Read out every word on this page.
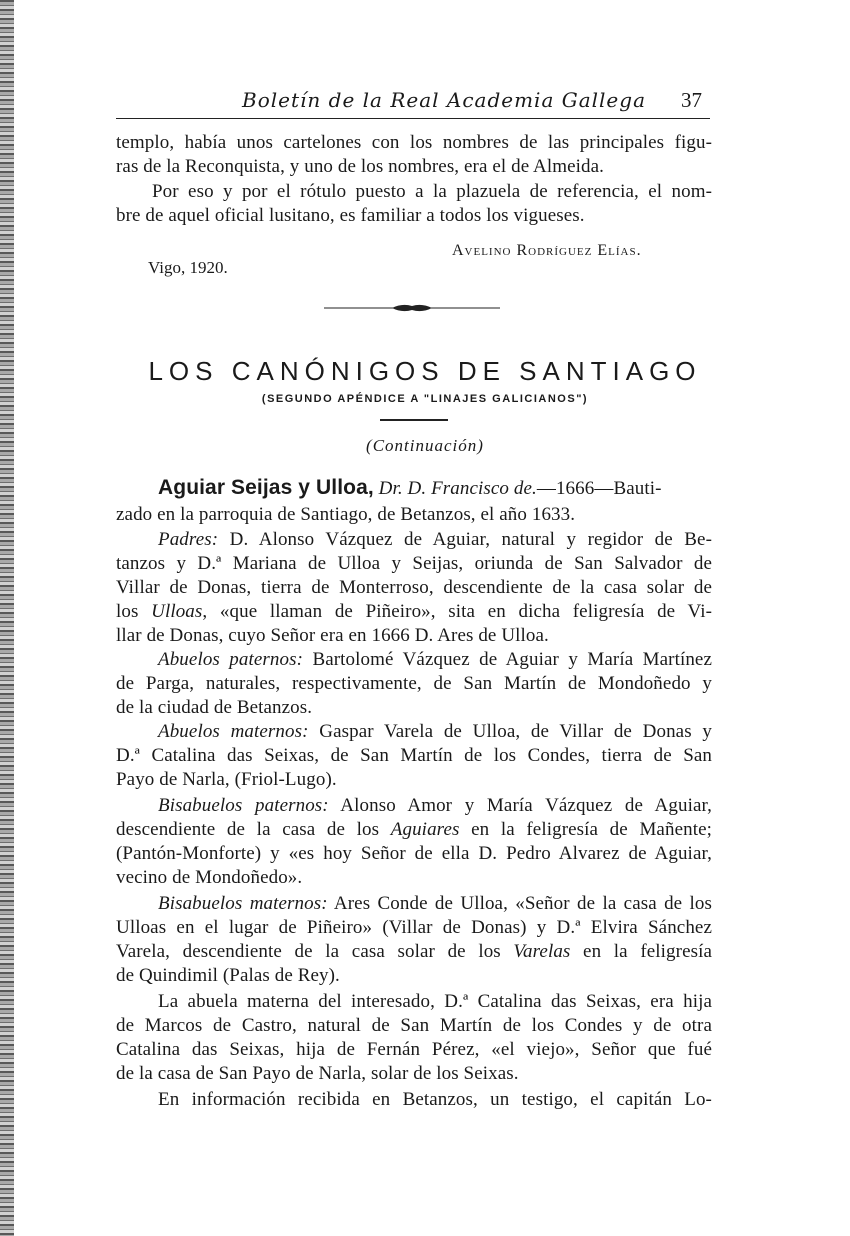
Boletín de la Real Academia Gallega 37
templo, había unos cartelones con los nombres de las principales figu-
ras de la Reconquista, y uno de los nombres, era el de Almeida.
Por eso y por el rótulo puesto a la plazuela de referencia, el nom-
bre de aquel oficial lusitano, es familiar a todos los vigueses.
Avelino Rodríguez Elías.
Vigo, 1920.
LOS CANÓNIGOS DE SANTIAGO
(SEGUNDO APÉNDICE A "LINAJES GALICIANOS")
(Continuación)
Aguiar Seijas y Ulloa, Dr. D. Francisco de.—1666—Bauti-
zado en la parroquia de Santiago, de Betanzos, el año 1633.
Padres: D. Alonso Vázquez de Aguiar, natural y regidor de Be-
tanzos y D.ª Mariana de Ulloa y Seijas, oriunda de San Salvador de
Villar de Donas, tierra de Monterroso, descendiente de la casa solar de
los Ulloas, «que llaman de Piñeiro», sita en dicha feligresía de Vi-
llar de Donas, cuyo Señor era en 1666 D. Ares de Ulloa.
Abuelos paternos: Bartolomé Vázquez de Aguiar y María Martínez
de Parga, naturales, respectivamente, de San Martín de Mondoñedo y
de la ciudad de Betanzos.
Abuelos maternos: Gaspar Varela de Ulloa, de Villar de Donas y
D.ª Catalina das Seixas, de San Martín de los Condes, tierra de San
Payo de Narla, (Friol-Lugo).
Bisabuelos paternos: Alonso Amor y María Vázquez de Aguiar,
descendiente de la casa de los Aguiares en la feligresía de Mañente;
(Pantón-Monforte) y «es hoy Señor de ella D. Pedro Alvarez de Aguiar,
vecino de Mondoñedo».
Bisabuelos maternos: Ares Conde de Ulloa, «Señor de la casa de los
Ulloas en el lugar de Piñeiro» (Villar de Donas) y D.ª Elvira Sánchez
Varela, descendiente de la casa solar de los Varelas en la feligresía
de Quindimil (Palas de Rey).
La abuela materna del interesado, D.ª Catalina das Seixas, era hija
de Marcos de Castro, natural de San Martín de los Condes y de otra
Catalina das Seixas, hija de Fernán Pérez, «el viejo», Señor que fué
de la casa de San Payo de Narla, solar de los Seixas.
En información recibida en Betanzos, un testigo, el capitán Lo-
